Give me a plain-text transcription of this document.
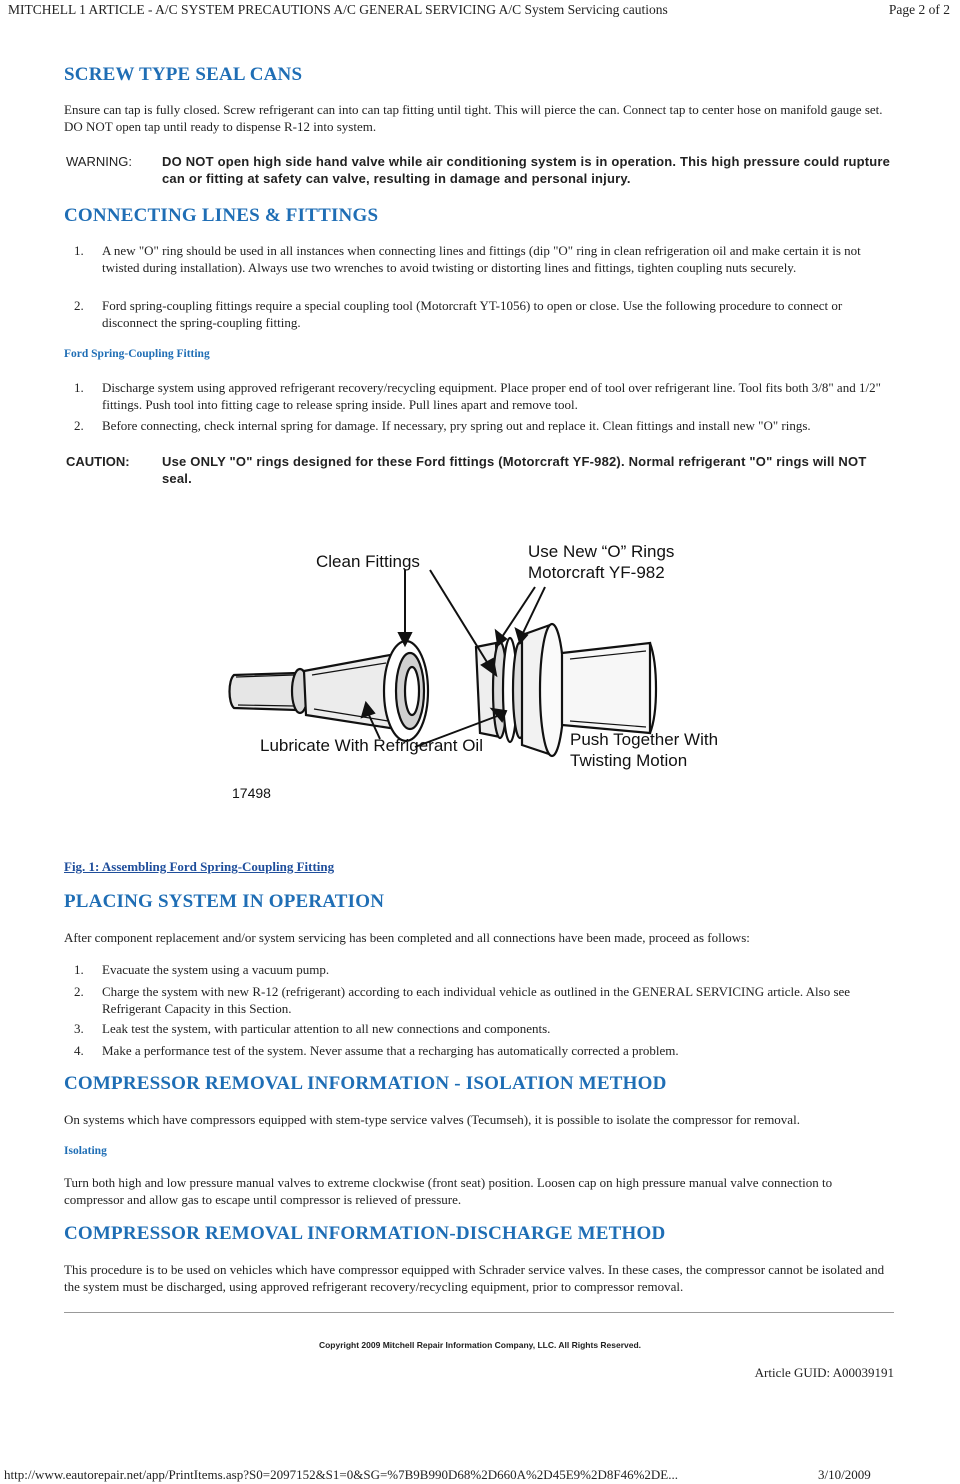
MITCHELL 1 ARTICLE - A/C SYSTEM PRECAUTIONS A/C GENERAL SERVICING A/C System Servicing cautions	Page 2 of 2
SCREW TYPE SEAL CANS

Ensure can tap is fully closed. Screw refrigerant can into can tap fitting until tight. This will pierce the can. Connect tap to center hose on manifold gauge set. DO NOT open tap until ready to dispense R-12 into system.

WARNING: DO NOT open high side hand valve while air conditioning system is in operation. This high pressure could rupture can or fitting at safety can valve, resulting in damage and personal injury.
CONNECTING LINES & FITTINGS
1. A new "O" ring should be used in all instances when connecting lines and fittings (dip "O" ring in clean refrigeration oil and make certain it is not twisted during installation). Always use two wrenches to avoid twisting or distorting lines and fittings, tighten coupling nuts securely.
2. Ford spring-coupling fittings require a special coupling tool (Motorcraft YT-1056) to open or close. Use the following procedure to connect or disconnect the spring-coupling fitting.
Ford Spring-Coupling Fitting
1. Discharge system using approved refrigerant recovery/recycling equipment. Place proper end of tool over refrigerant line. Tool fits both 3/8" and 1/2" fittings. Push tool into fitting cage to release spring inside. Pull lines apart and remove tool.
2. Before connecting, check internal spring for damage. If necessary, pry spring out and replace it. Clean fittings and install new "O" rings.
CAUTION: Use ONLY "O" rings designed for these Ford fittings (Motorcraft YF-982). Normal refrigerant "O" rings will NOT seal.
Clean Fittings
Use New “O” Rings
Motorcraft YF-982
Lubricate With Refrigerant Oil	Push Together With
Twisting Motion
17498
Fig. 1: Assembling Ford Spring-Coupling Fitting
PLACING SYSTEM IN OPERATION

After component replacement and/or system servicing has been completed and all connections have been made, proceed as follows:

1. Evacuate the system using a vacuum pump.
2. Charge the system with new R-12 (refrigerant) according to each individual vehicle as outlined in the GENERAL SERVICING article. Also see Refrigerant Capacity in this Section.
3. Leak test the system, with particular attention to all new connections and components.
4. Make a performance test of the system. Never assume that a recharging has automatically corrected a problem.
COMPRESSOR REMOVAL INFORMATION - ISOLATION METHOD

On systems which have compressors equipped with stem-type service valves (Tecumseh), it is possible to isolate the compressor for removal.

Isolating

Turn both high and low pressure manual valves to extreme clockwise (front seat) position. Loosen cap on high pressure manual valve connection to compressor and allow gas to escape until compressor is relieved of pressure.

COMPRESSOR REMOVAL INFORMATION-DISCHARGE METHOD

This procedure is to be used on vehicles which have compressor equipped with Schrader service valves. In these cases, the compressor cannot be isolated and the system must be discharged, using approved refrigerant recovery/recycling equipment, prior to compressor removal.

Copyright 2009 Mitchell Repair Information Company, LLC. All Rights Reserved.
Article GUID: A00039191
http://www.eautorepair.net/app/PrintItems.asp?S0=2097152&S1=0&SG=%7B9B990D68%2D660A%2D45E9%2D8F46%2DE...	3/10/2009
